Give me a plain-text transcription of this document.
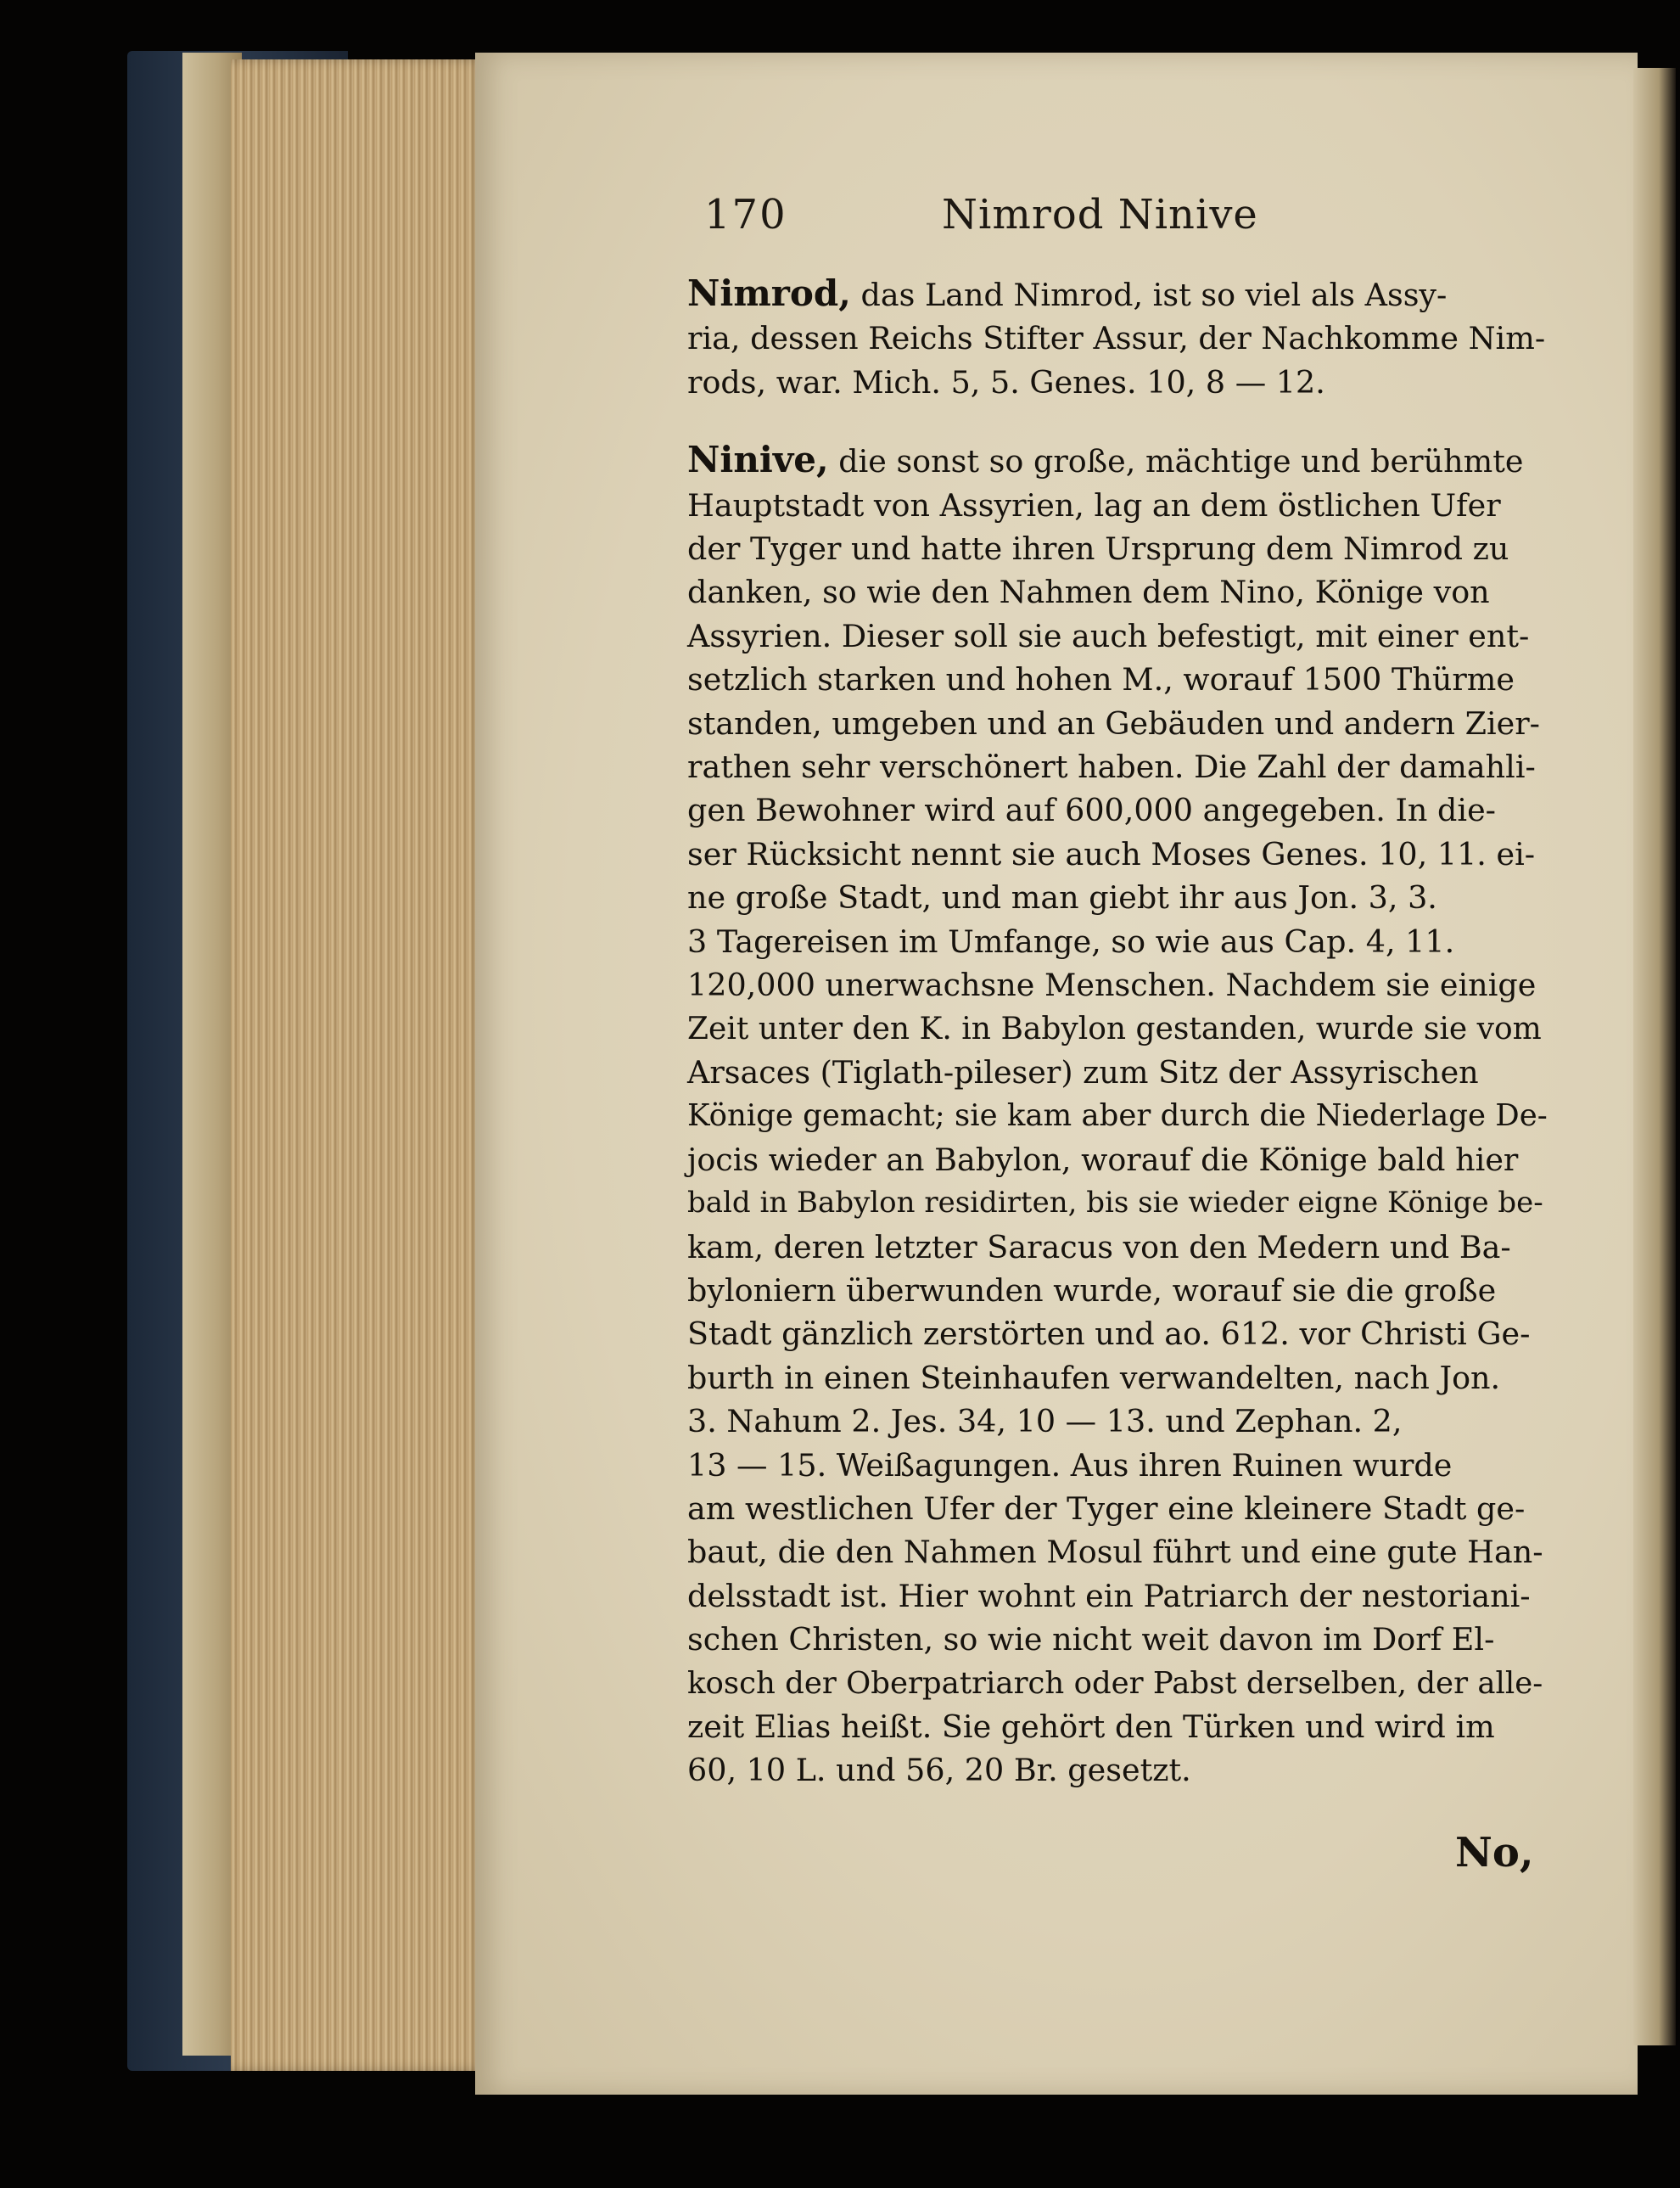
170	Nimrod Ninive
Nimrod, das Land Nimrod, ist so viel als Assy-
ria, dessen Reichs Stifter Assur, der Nachkomme Nim-
rods, war. Mich. 5, 5. Genes. 10, 8 — 12.
Ninive, die sonst so große, mächtige und berühmte
Hauptstadt von Assyrien, lag an dem östlichen Ufer
der Tyger und hatte ihren Ursprung dem Nimrod zu
danken, so wie den Nahmen dem Nino, Könige von
Assyrien. Dieser soll sie auch befestigt, mit einer ent-
setzlich starken und hohen M., worauf 1500 Thürme
standen, umgeben und an Gebäuden und andern Zier-
rathen sehr verschönert haben. Die Zahl der damahli-
gen Bewohner wird auf 600,000 angegeben. In die-
ser Rücksicht nennt sie auch Moses Genes. 10, 11. ei-
ne große Stadt, und man giebt ihr aus Jon. 3, 3.
3 Tagereisen im Umfange, so wie aus Cap. 4, 11.
120,000 unerwachsne Menschen. Nachdem sie einige
Zeit unter den K. in Babylon gestanden, wurde sie vom
Arsaces (Tiglath-pileser) zum Sitz der Assyrischen
Könige gemacht; sie kam aber durch die Niederlage De-
jocis wieder an Babylon, worauf die Könige bald hier
bald in Babylon residirten, bis sie wieder eigne Könige be-
kam, deren letzter Saracus von den Medern und Ba-
byloniern überwunden wurde, worauf sie die große
Stadt gänzlich zerstörten und ao. 612. vor Christi Ge-
burth in einen Steinhaufen verwandelten, nach Jon.
3. Nahum 2. Jes. 34, 10 — 13. und Zephan. 2,
13 — 15. Weißagungen. Aus ihren Ruinen wurde
am westlichen Ufer der Tyger eine kleinere Stadt ge-
baut, die den Nahmen Mosul führt und eine gute Han-
delsstadt ist. Hier wohnt ein Patriarch der nestoriani-
schen Christen, so wie nicht weit davon im Dorf El-
kosch der Oberpatriarch oder Pabst derselben, der alle-
zeit Elias heißt. Sie gehört den Türken und wird im
60, 10 L. und 56, 20 Br. gesetzt.
No,
